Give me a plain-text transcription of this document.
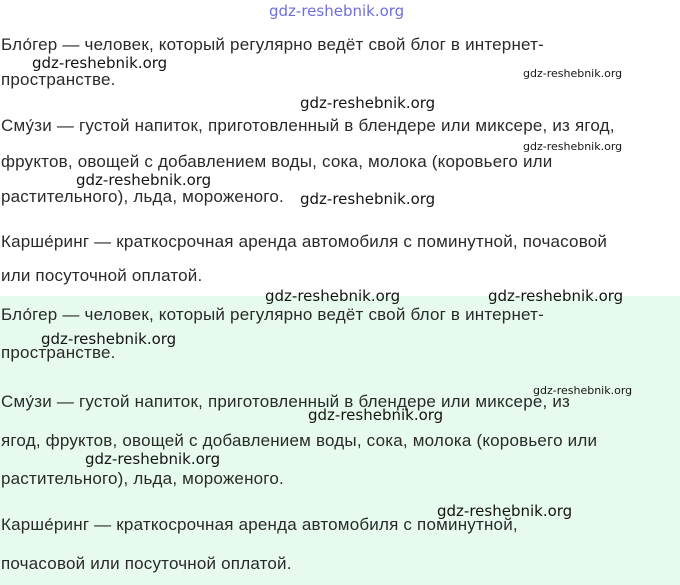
Бло́гер — человек, который регулярно ведёт свой блог в интернет-

пространстве.

Сму́зи — густой напиток, приготовленный в блендере или миксере, из ягод,

фруктов, овощей с добавлением воды, сока, молока (коровьего или

растительного), льда, мороженого.

Карше́ринг — краткосрочная аренда автомобиля с поминутной, почасовой

или посуточной оплатой.

Бло́гер — человек, который регулярно ведёт свой блог в интернет-

пространстве.

Сму́зи — густой напиток, приготовленный в блендере или миксере, из

ягод, фруктов, овощей с добавлением воды, сока, молока (коровьего или

растительного), льда, мороженого.

Карше́ринг — краткосрочная аренда автомобиля с поминутной,

почасовой или посуточной оплатой.

gdz-reshebnik.org
gdz-reshebnik.org
gdz-reshebnik.org
gdz-reshebnik.org
gdz-reshebnik.org
gdz-reshebnik.org
gdz-reshebnik.org
gdz-reshebnik.org	gdz-reshebnik.org
gdz-reshebnik.org
gdz-reshebnik.org
gdz-reshebnik.org
gdz-reshebnik.org
gdz-reshebnik.org
